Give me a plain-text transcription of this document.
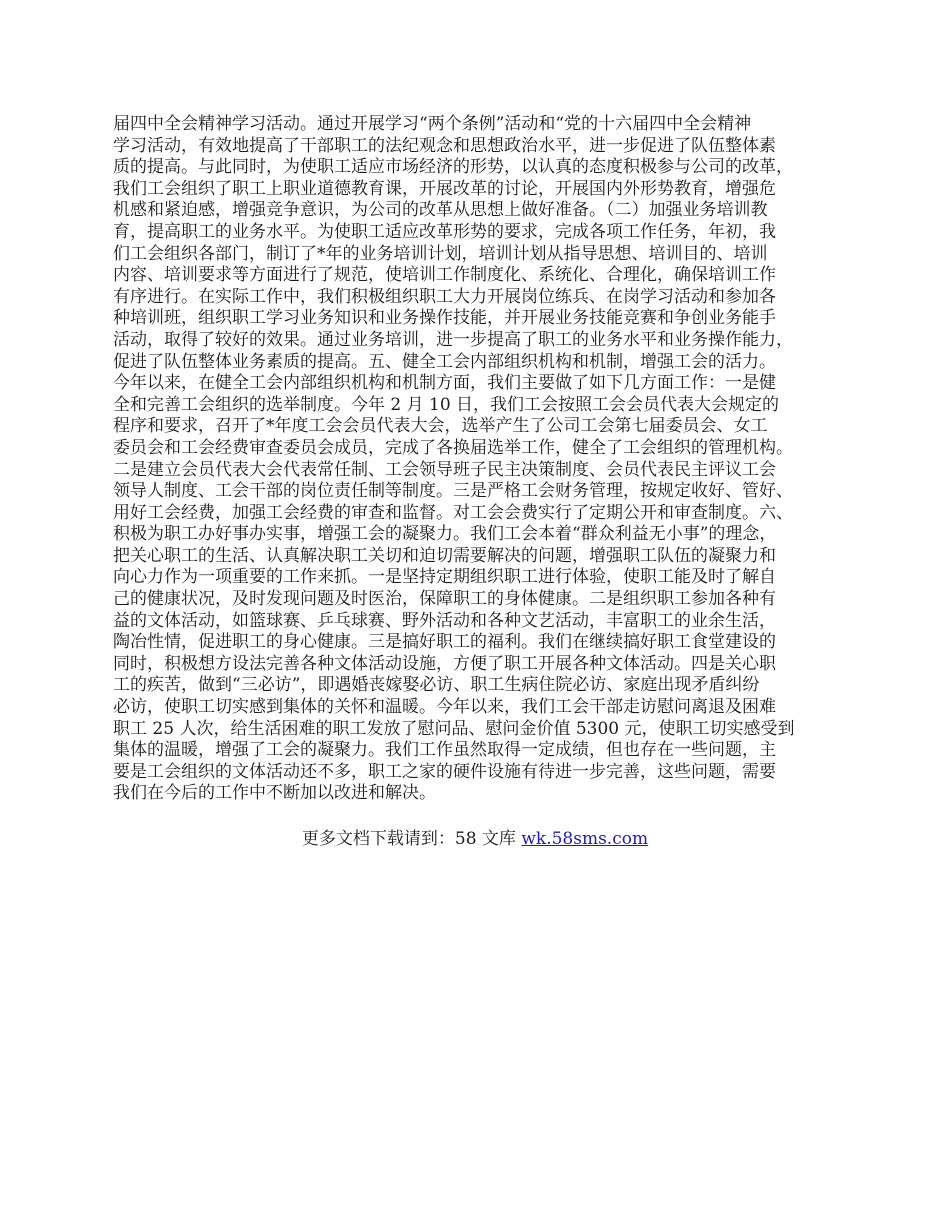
届四中全会精神学习活动。通过开展学习“两个条例”活动和“党的十六届四中全会精神
学习活动，有效地提高了干部职工的法纪观念和思想政治水平，进一步促进了队伍整体素
质的提高。与此同时，为使职工适应市场经济的形势，以认真的态度积极参与公司的改革，
我们工会组织了职工上职业道德教育课，开展改革的讨论，开展国内外形势教育，增强危
机感和紧迫感，增强竞争意识，为公司的改革从思想上做好准备。（二）加强业务培训教
育，提高职工的业务水平。为使职工适应改革形势的要求，完成各项工作任务，年初，我
们工会组织各部门，制订了*年的业务培训计划，培训计划从指导思想、培训目的、培训
内容、培训要求等方面进行了规范，使培训工作制度化、系统化、合理化，确保培训工作
有序进行。在实际工作中，我们积极组织职工大力开展岗位练兵、在岗学习活动和参加各
种培训班，组织职工学习业务知识和业务操作技能，并开展业务技能竞赛和争创业务能手
活动，取得了较好的效果。通过业务培训，进一步提高了职工的业务水平和业务操作能力，
促进了队伍整体业务素质的提高。五、健全工会内部组织机构和机制，增强工会的活力。
今年以来，在健全工会内部组织机构和机制方面，我们主要做了如下几方面工作：一是健
全和完善工会组织的选举制度。今年 2 月 10 日，我们工会按照工会会员代表大会规定的
程序和要求，召开了*年度工会会员代表大会，选举产生了公司工会第七届委员会、女工
委员会和工会经费审查委员会成员，完成了各换届选举工作，健全了工会组织的管理机构。
二是建立会员代表大会代表常任制、工会领导班子民主决策制度、会员代表民主评议工会
领导人制度、工会干部的岗位责任制等制度。三是严格工会财务管理，按规定收好、管好、
用好工会经费，加强工会经费的审查和监督。对工会会费实行了定期公开和审查制度。六、
积极为职工办好事办实事，增强工会的凝聚力。我们工会本着“群众利益无小事”的理念，
把关心职工的生活、认真解决职工关切和迫切需要解决的问题，增强职工队伍的凝聚力和
向心力作为一项重要的工作来抓。一是坚持定期组织职工进行体验，使职工能及时了解自
己的健康状况，及时发现问题及时医治，保障职工的身体健康。二是组织职工参加各种有
益的文体活动，如篮球赛、乒乓球赛、野外活动和各种文艺活动，丰富职工的业余生活，
陶冶性情，促进职工的身心健康。三是搞好职工的福利。我们在继续搞好职工食堂建设的
同时，积极想方设法完善各种文体活动设施，方便了职工开展各种文体活动。四是关心职
工的疾苦，做到“三必访”，即遇婚丧嫁娶必访、职工生病住院必访、家庭出现矛盾纠纷
必访，使职工切实感到集体的关怀和温暖。今年以来，我们工会干部走访慰问离退及困难
职工 25 人次，给生活困难的职工发放了慰问品、慰问金价值 5300 元，使职工切实感受到
集体的温暖，增强了工会的凝聚力。我们工作虽然取得一定成绩，但也存在一些问题，主
要是工会组织的文体活动还不多，职工之家的硬件设施有待进一步完善，这些问题，需要
我们在今后的工作中不断加以改进和解决。
更多文档下载请到：58 文库 wk.58sms.com
